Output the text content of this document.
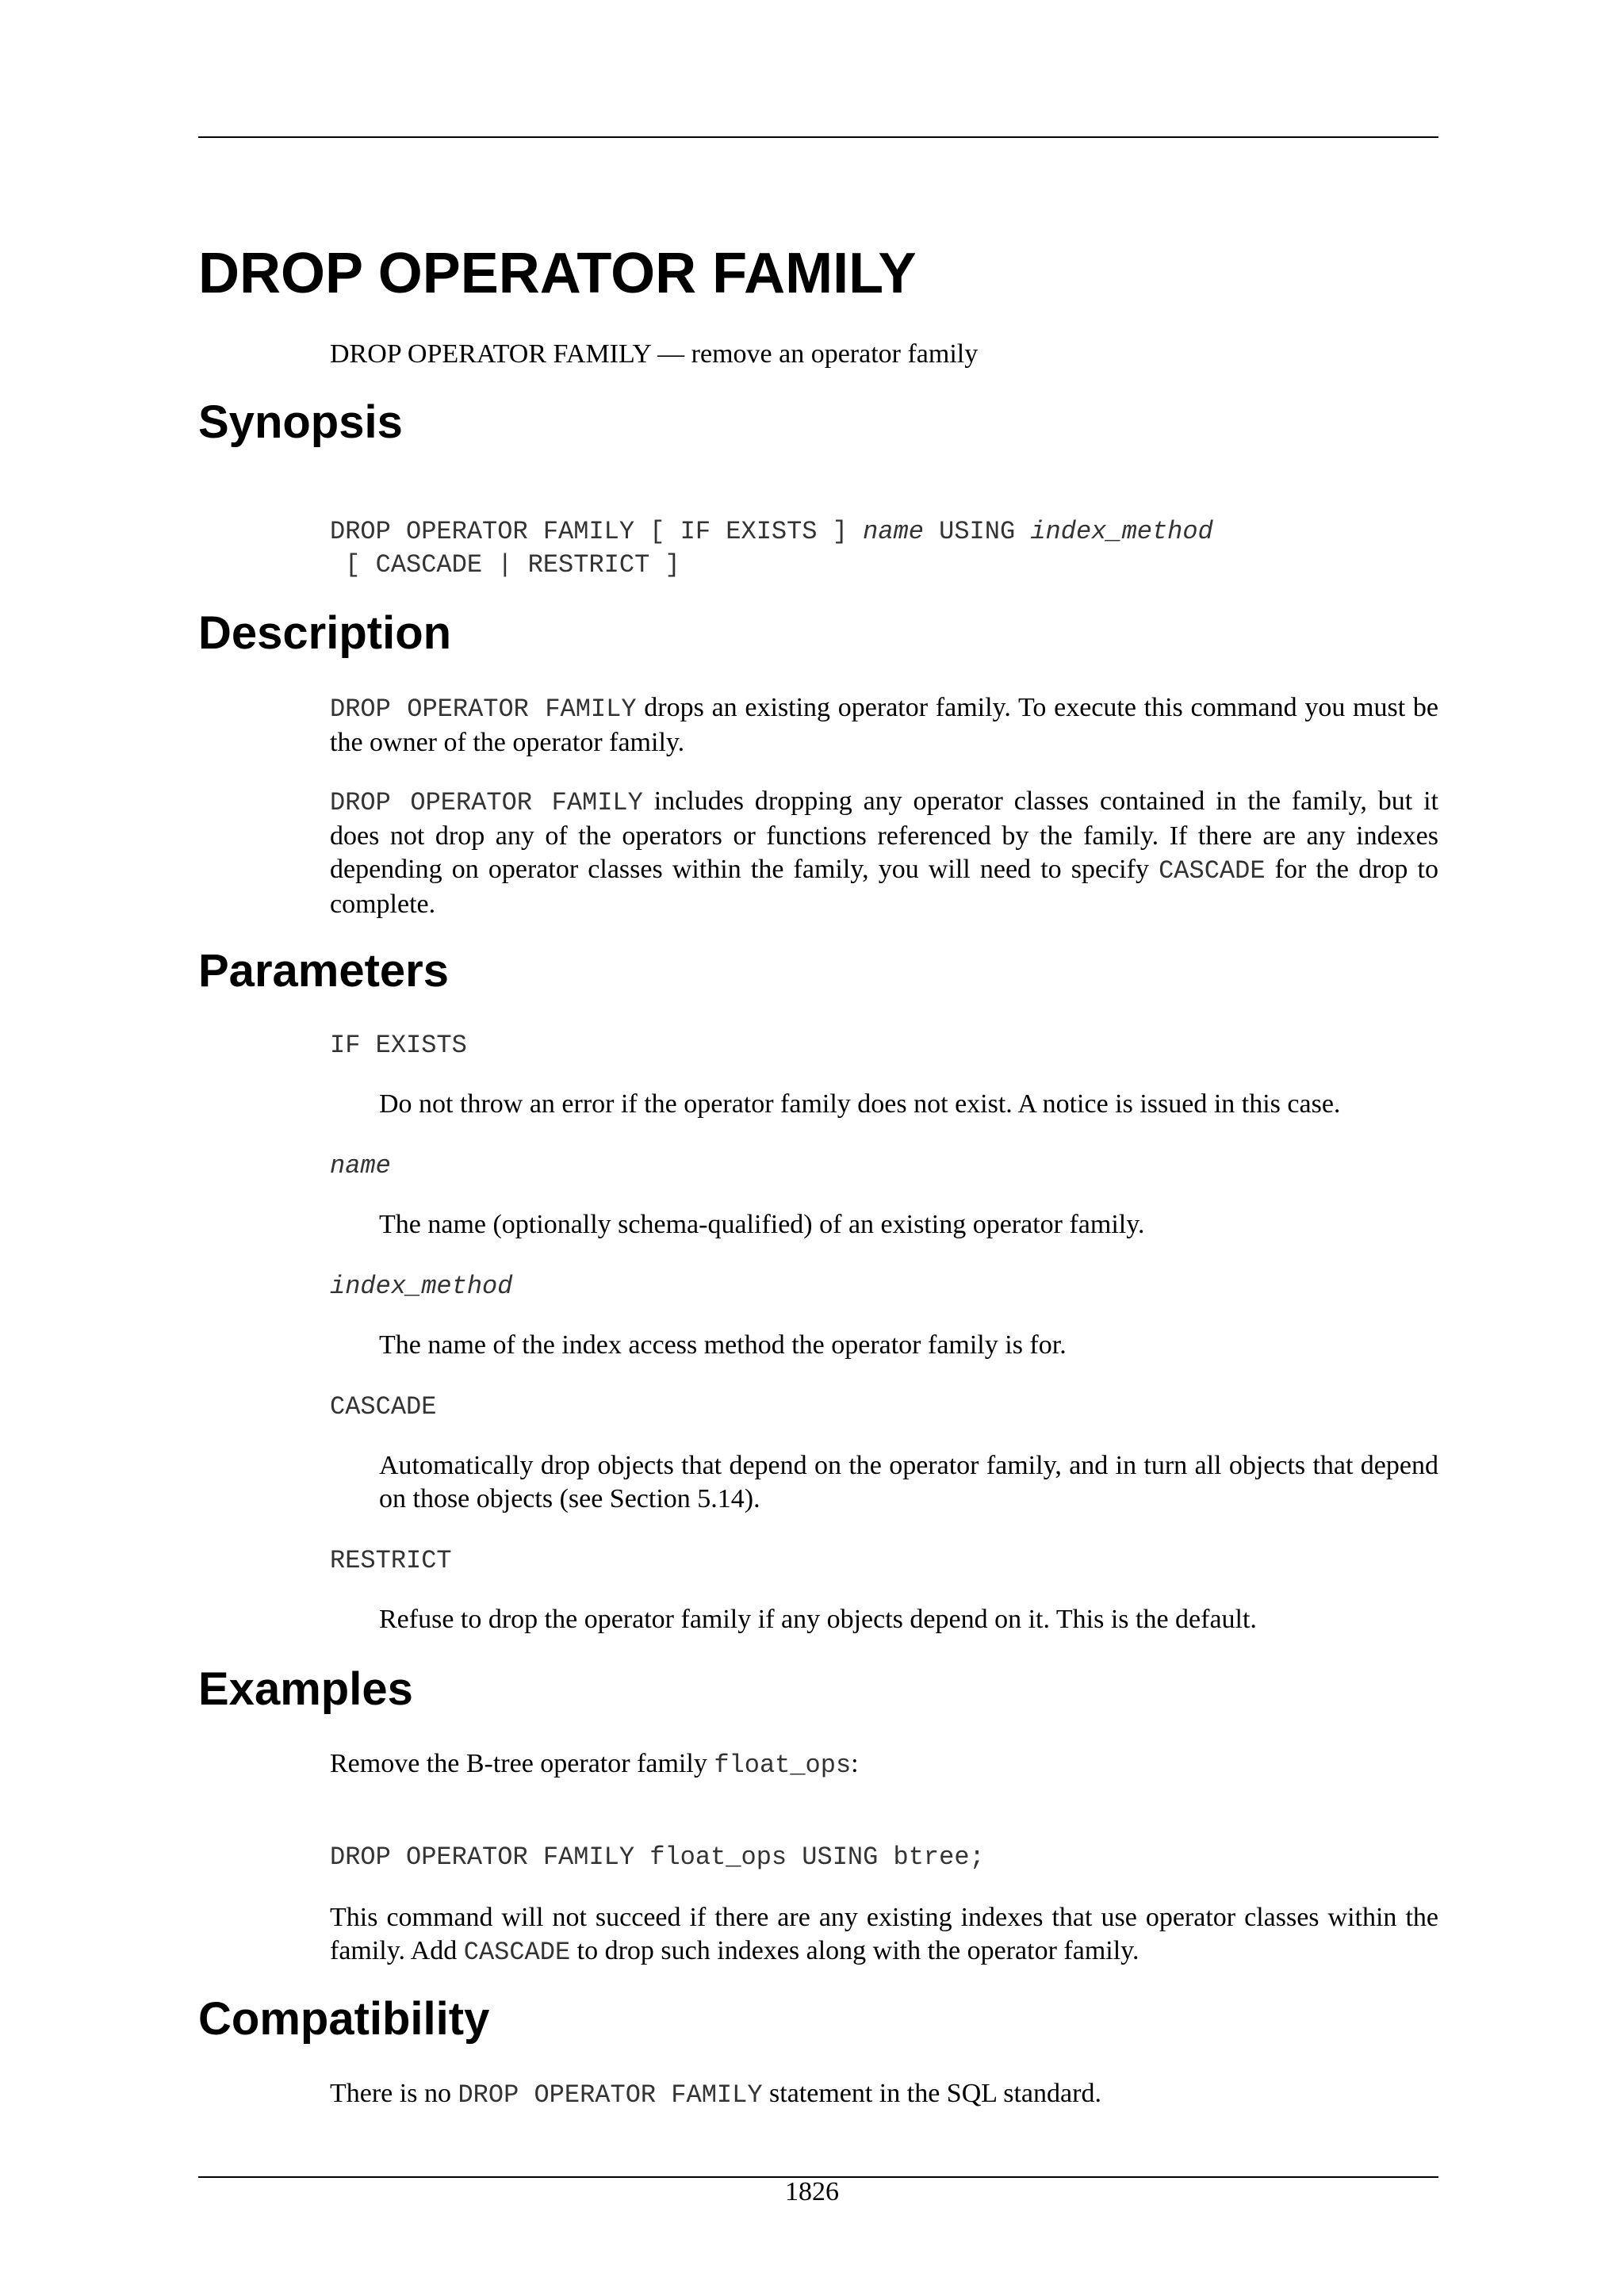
DROP OPERATOR FAMILY
DROP OPERATOR FAMILY — remove an operator family
Synopsis
DROP OPERATOR FAMILY [ IF EXISTS ] name USING index_method
[ CASCADE | RESTRICT ]
Description
DROP OPERATOR FAMILY drops an existing operator family. To execute this command you must be the owner of the operator family.
DROP OPERATOR FAMILY includes dropping any operator classes contained in the family, but it does not drop any of the operators or functions referenced by the family. If there are any indexes depending on operator classes within the family, you will need to specify CASCADE for the drop to complete.
Parameters
IF EXISTS
Do not throw an error if the operator family does not exist. A notice is issued in this case.
name
The name (optionally schema-qualified) of an existing operator family.
index_method
The name of the index access method the operator family is for.
CASCADE
Automatically drop objects that depend on the operator family, and in turn all objects that depend on those objects (see Section 5.14).
RESTRICT
Refuse to drop the operator family if any objects depend on it. This is the default.
Examples
Remove the B-tree operator family float_ops:
DROP OPERATOR FAMILY float_ops USING btree;
This command will not succeed if there are any existing indexes that use operator classes within the family. Add CASCADE to drop such indexes along with the operator family.
Compatibility
There is no DROP OPERATOR FAMILY statement in the SQL standard.
1826
